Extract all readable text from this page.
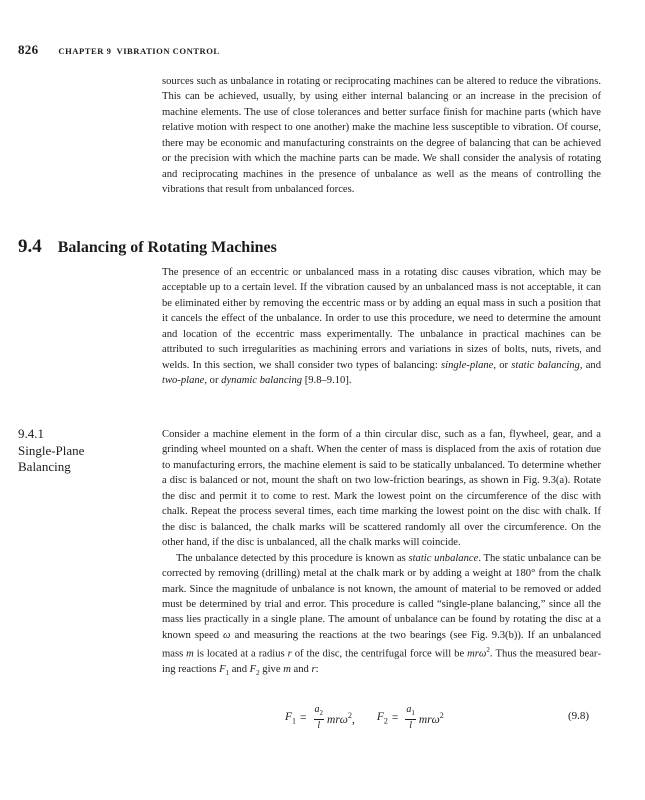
826 CHAPTER 9  VIBRATION CONTROL

sources such as unbalance in rotating or reciprocating machines can be altered to reduce the vibrations. This can be achieved, usually, by using either internal balancing or an increase in the precision of machine elements. The use of close tolerances and better surface finish for machine parts (which have relative motion with respect to one another) make the machine less susceptible to vibration. Of course, there may be economic and manufacturing constraints on the degree of balancing that can be achieved or the precision with which the machine parts can be made. We shall consider the analysis of rotating and reciprocating machines in the presence of unbalance as well as the means of controlling the vibrations that result from unbalanced forces.

9.4 Balancing of Rotating Machines

The presence of an eccentric or unbalanced mass in a rotating disc causes vibration, which may be acceptable up to a certain level. If the vibration caused by an unbalanced mass is not acceptable, it can be eliminated either by removing the eccentric mass or by adding an equal mass in such a position that it cancels the effect of the unbalance. In order to use this procedure, we need to determine the amount and location of the eccentric mass experimentally. The unbalance in practical machines can be attributed to such irregularities as machining errors and variations in sizes of bolts, nuts, rivets, and welds. In this section, we shall consider two types of balancing: single-plane, or static balancing, and two-plane, or dynamic balancing [9.8–9.10].

9.4.1
Single-Plane
Balancing

Consider a machine element in the form of a thin circular disc, such as a fan, flywheel, gear, and a grinding wheel mounted on a shaft. When the center of mass is displaced from the axis of rotation due to manufacturing errors, the machine element is said to be statically unbalanced. To determine whether a disc is balanced or not, mount the shaft on two low-friction bearings, as shown in Fig. 9.3(a). Rotate the disc and permit it to come to rest. Mark the lowest point on the circumference of the disc with chalk. Repeat the process several times, each time marking the lowest point on the disc with chalk. If the disc is balanced, the chalk marks will be scattered randomly all over the circumference. On the other hand, if the disc is unbalanced, all the chalk marks will coincide.

The unbalance detected by this procedure is known as static unbalance. The static unbalance can be corrected by removing (drilling) metal at the chalk mark or by adding a weight at 180° from the chalk mark. Since the magnitude of unbalance is not known, the amount of material to be removed or added must be determined by trial and error. This procedure is called “single-plane balancing,” since all the mass lies practically in a single plane. The amount of unbalance can be found by rotating the disc at a known speed ω and measuring the reactions at the two bearings (see Fig. 9.3(b)). If an unbalanced mass m is located at a radius r of the disc, the centrifugal force will be mrω$^2$. Thus the measured bearing reactions $F_1$ and $F_2$ give m and r:

$F_1 = \frac{a_2}{l} mr\omega^2$, $F_2 = \frac{a_1}{l} mr\omega^2$	(9.8)
